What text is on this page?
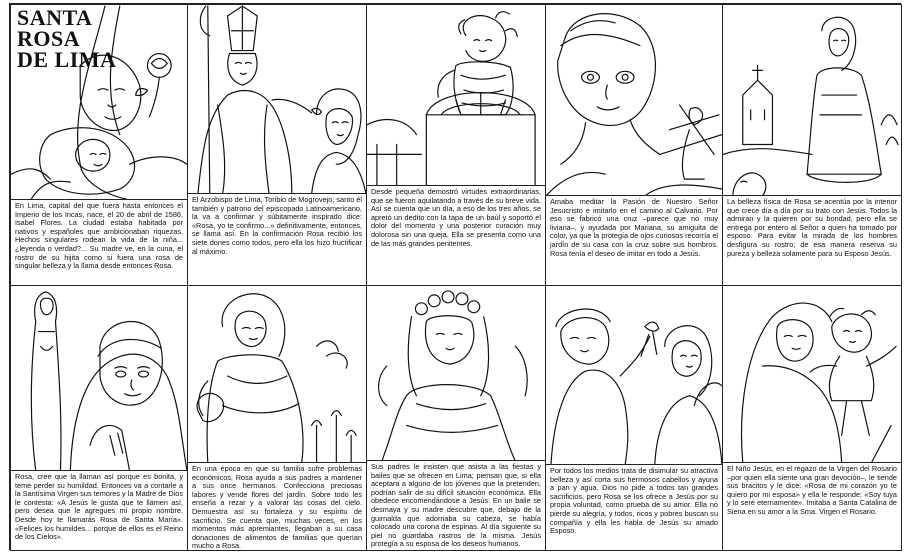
SANTA
ROSA
DE LIMA

En Lima, capital del que fuera hasta entonces el Imperio de los Incas, nace, el 20 de abril de 1586, Isabel Flores. La ciudad estaba habitada por nativos y españoles que ambicionaban riquezas. Hechos singulares rodean la vida de la niña... ¿leyenda o verdad?... Su madre ve, en la cuna, el rostro de su hijita como si fuera una rosa de singular belleza y la llama desde entonces Rosa.

El Arzobispo de Lima, Toribio de Mogrovejo, santo él también y patrono del episcopado Latinoamericano, la va a confirmar y súbitamente inspirado dice: «Rosa, yo te confirmo...» definitivamente, entonces, se llama así. En la confirmación Rosa recibió los siete dones como todos, pero ella los hizo fructificar al máximo.

Desde pequeña demostró virtudes extraordinarias, que se fueron aquilatando a través de su breve vida. Así se cuenta que un día, a eso de los tres años, se apretó un dedito con la tapa de un baúl y soportó el dolor del momento y una posterior curación muy dolorosa sin una queja. Ella se presenta como una de las más grandes penitentes.

Amaba meditar la Pasión de Nuestro Señor Jesucristo e imitarlo en el camino al Calvario. Por eso se fabricó una cruz –parece que no muy liviana–, y ayudada por Mariana, su amiguita de color, ya que la protegía de ojos curiosos recorría el jardín de su casa con la cruz sobre sus hombros. Rosa tenía el deseo de imitar en todo a Jesús.

La belleza física de Rosa se acentúa por la interior que crece día a día por su trato con Jesús. Todos la admiran y la quieren por su bondad, pero ella se entrega por entero al Señor a quien ha tomado por esposo. Para evitar la mirada de los hombres desfigura su rostro; de esa manera reserva su pureza y belleza solamente para su Esposo Jesús.

Rosa, cree que la llaman así porque es bonita, y teme perder su humildad. Entonces va a contarle a la Santísima Virgen sus temores y la Madre de Dios le contesta: «A Jesús le gusta que te llamen así, pero desea que le agregues mi propio nombre. Desde hoy te llamarás Rosa de Santa María». «Felices los humildes... porque de ellos es el Reino de los Cielos».

En una época en que su familia sufre problemas económicos, Rosa ayuda a sus padres a mantener a sus once hermanos. Confecciona preciosas labores y vende flores del jardín. Sobre todo les enseña a rezar y a valorar las cosas del cielo. Demuestra así su fortaleza y su espíritu de sacrificio. Se cuenta que, muchas veces, en los momentos más apremiantes, llegaban a su casa donaciones de alimentos de familias que querían mucho a Rosa.

Sus padres le insisten que asista a las fiestas y bailes que se ofrecen en Lima; piensan que, si ella aceptara a alguno de los jóvenes que la pretenden, podrían salir de su difícil situación económica. Ella obedece encomendándose a Jesús. En un baile se desmaya y su madre descubre que, debajo de la guirnalda que adornaba su cabeza, se había colocado una corona de espinas. Al día siguiente su piel no guardaba rastros de la misma. Jesús protegía a su esposa de los deseos humanos.

Por todos los medios trata de disimular su atractiva belleza y así corta sus hermosos cabellos y ayuna a pan y agua. Dios no pide a todos tan grandes sacrificios, pero Rosa se los ofrece a Jesús por su propia voluntad, como prueba de su amor. Ella no pierde su alegría, y todos, ricos y pobres buscan su compañía y ella les habla de Jesús su amado Esposo.

El Niño Jesús, en el regazo de la Virgen del Rosario –por quien ella siente una gran devoción–, le tiende sus bracitos y le dice: «Rosa de mi corazón yo te quiero por mi esposa» y ella le responde: «Soy tuya y lo seré eternamente». Imitaba a Santa Catalina de Siena en su amor a la Sma. Virgen el Rosario.
